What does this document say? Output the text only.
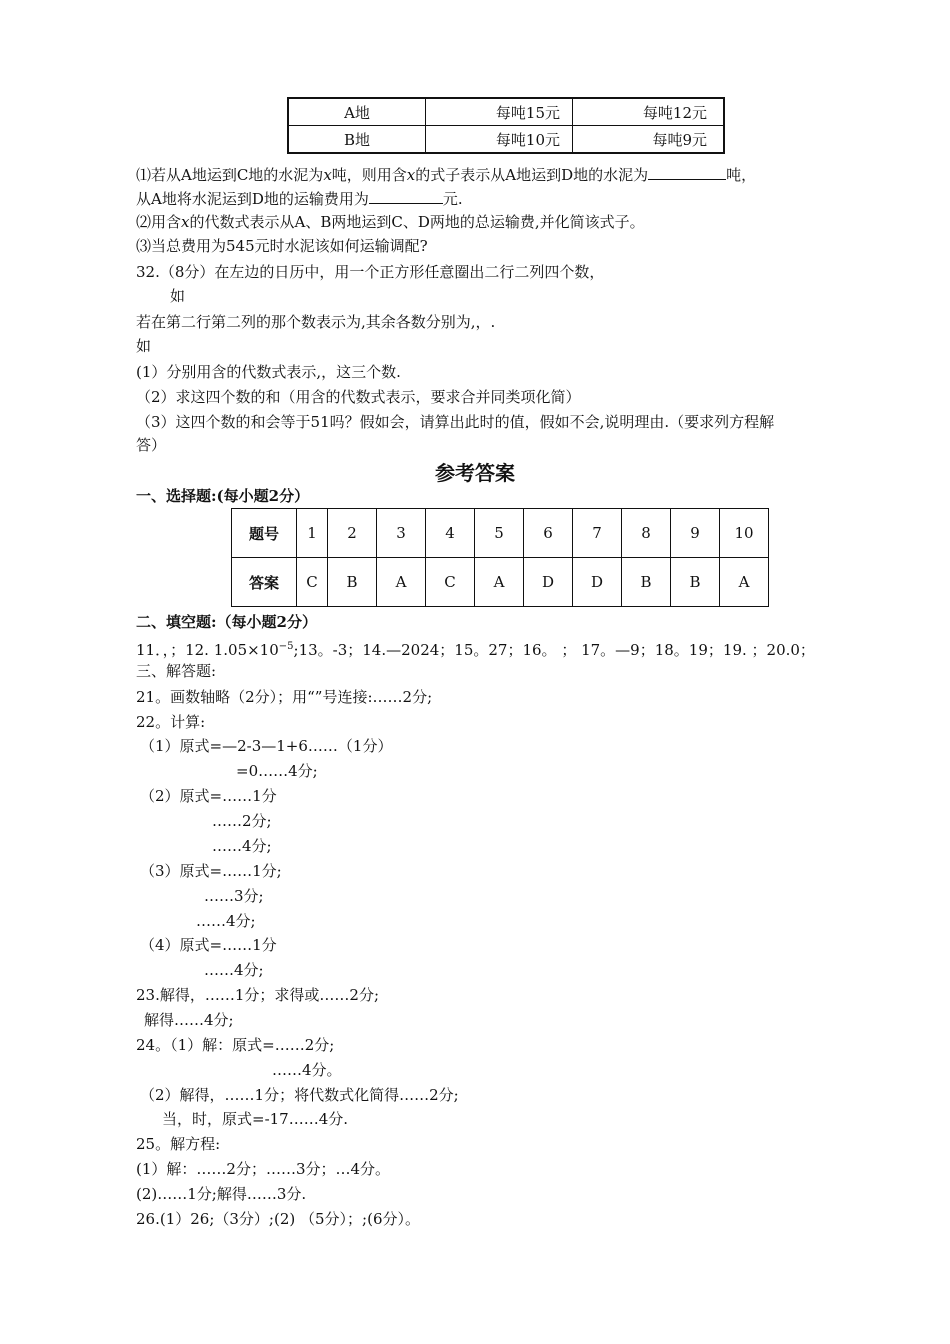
A地	每吨15元	每吨12元
B地	每吨10元	每吨9元
⑴若从A地运到C地的水泥为x吨，则用含x的式子表示从A地运到D地的水泥为	吨，
从A地将水泥运到D地的运输费用为	元.
⑵用含x的代数式表示从A、B两地运到C、D两地的总运输费,并化简该式子。
⑶当总费用为545元时水泥该如何运输调配?
32.（8分）在左边的日历中，用一个正方形任意圈出二行二列四个数，
如
若在第二行第二列的那个数表示为,其余各数分别为,，.
如
(1）分别用含的代数式表示,，这三个数.
（2）求这四个数的和（用含的代数式表示，要求合并同类项化简）
（3）这四个数的和会等于51吗？假如会，请算出此时的值，假如不会,说明理由.（要求列方程解
答）
参考答案
一、选择题:(每小题2分）
题号	1	2	3	4	5	6	7	8	9	10
答案	C	B	A	C	A	D	D	B	B	A
二、填空题:（每小题2分）
11．，；12. $1.05\times 10^{-5};13$。-3；14.—2024；15。27；16。 ； 17。—9；18。19；19. ；20.0；
三、解答题:
21。画数轴略（2分）；用“”号连接:……2分;
22。计算:
（1）原式=—2-3—1+6……（1分）
=0……4分;
（2）原式=……1分
……2分;
……4分;
（3）原式=……1分;
……3分;
……4分;
（4）原式=……1分
……4分;
23.解得，……1分；求得或……2分;
解得……4分;
24。（1）解：原式=……2分;
……4分。
（2）解得，……1分；将代数式化简得……2分;
当，时，原式=-17……4分.
25。解方程:
(1）解：……2分；……3分；…4分。
(2)……1分;解得……3分.
26.(1）26;（3分）;(2) （5分）；;(6分）。
